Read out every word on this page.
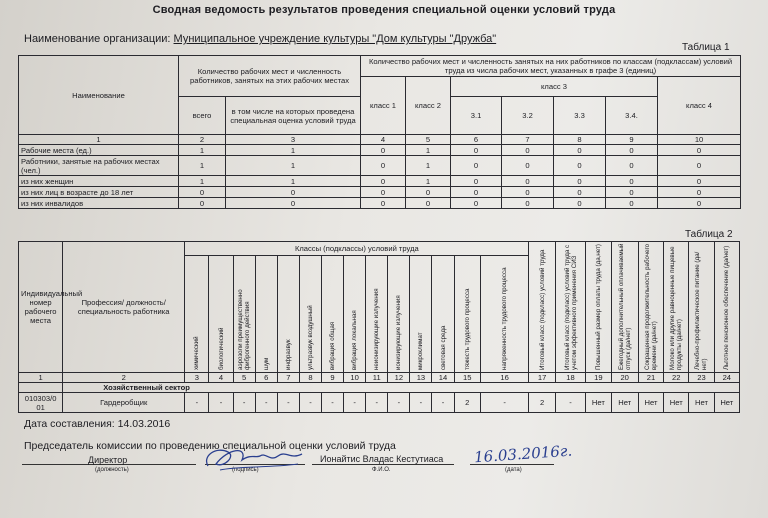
Сводная ведомость результатов проведения специальной оценки условий труда
Наименование организации: Муниципальное учреждение культуры "Дом культуры "Дружба"
Таблица 1
Наименование	Количество рабочих мест и численность работников, занятых на этих рабочих местах		Количество рабочих мест и численность занятых на них работников по классам (подклассам) условий труда из числа рабочих мест, указанных в графе 3 (единиц)						
			класс 1	класс 2	класс 3				класс 4
	всего	в том числе на которых проведена специальная оценка условий труда			3.1	3.2	3.3	3.4.	
1	2	3	4	5	6	7	8	9	10
Рабочие места (ед.)	1	1	0	1	0	0	0	0	0
Работники, занятые на рабочих местах (чел.)	1	1	0	1	0	0	0	0	0
из них женщин	1	1	0	1	0	0	0	0	0
из них лиц в возрасте до 18 лет	0	0	0	0	0	0	0	0	0
из них инвалидов	0	0	0	0	0	0	0	0	0
Таблица 2
Индивидуальный номер рабочего места	Профессия/ должность/ специальность работника	Классы (подклассы) условий труда														Итоговый класс (подкласс) условий труда	Итоговый класс (подкласс) условий труда с учетом эффективного применения СИЗ	Повышенный размер оплаты труда (да,нет)	Ежегодный дополнительный оплачиваемый отпуск (да/нет)	Сокращенная продолжительность рабочего времени (да/нет)	Молоко или другие равноценные пищевые продукты (да/нет)	Лечебно-профилактическое питание (да/нет)	Льготное пенсионное обеспечение (да/нет)
		химический	биологический	аэрозоли преимущественно фиброгенного действия	шум	инфразвук	ультразвук воздушный	вибрация общая	вибрация локальная	неионизирующие излучения	ионизирующие излучения	микроклимат	световая среда	тяжесть трудового процесса	напряженность трудового процесса								
1	2	3	4	5	6	7	8	9	10	11	12	13	14	15	16	17	18	19	20	21	22	23	24
	Хозяйственный сектор																						
010303/0 01	Гардеробщик	-	-	-	-	-	-	-	-	-	-	-	-	2	-	2	-	Нет	Нет	Нет	Нет	Нет	Нет
Дата составления: 14.03.2016
Председатель комиссии по проведению специальной оценки условий труда
Директор
(должность)	(подпись)
Ионайтис Владас Кестутиаса
Ф.И.О.
16.03.2016г.
(дата)
